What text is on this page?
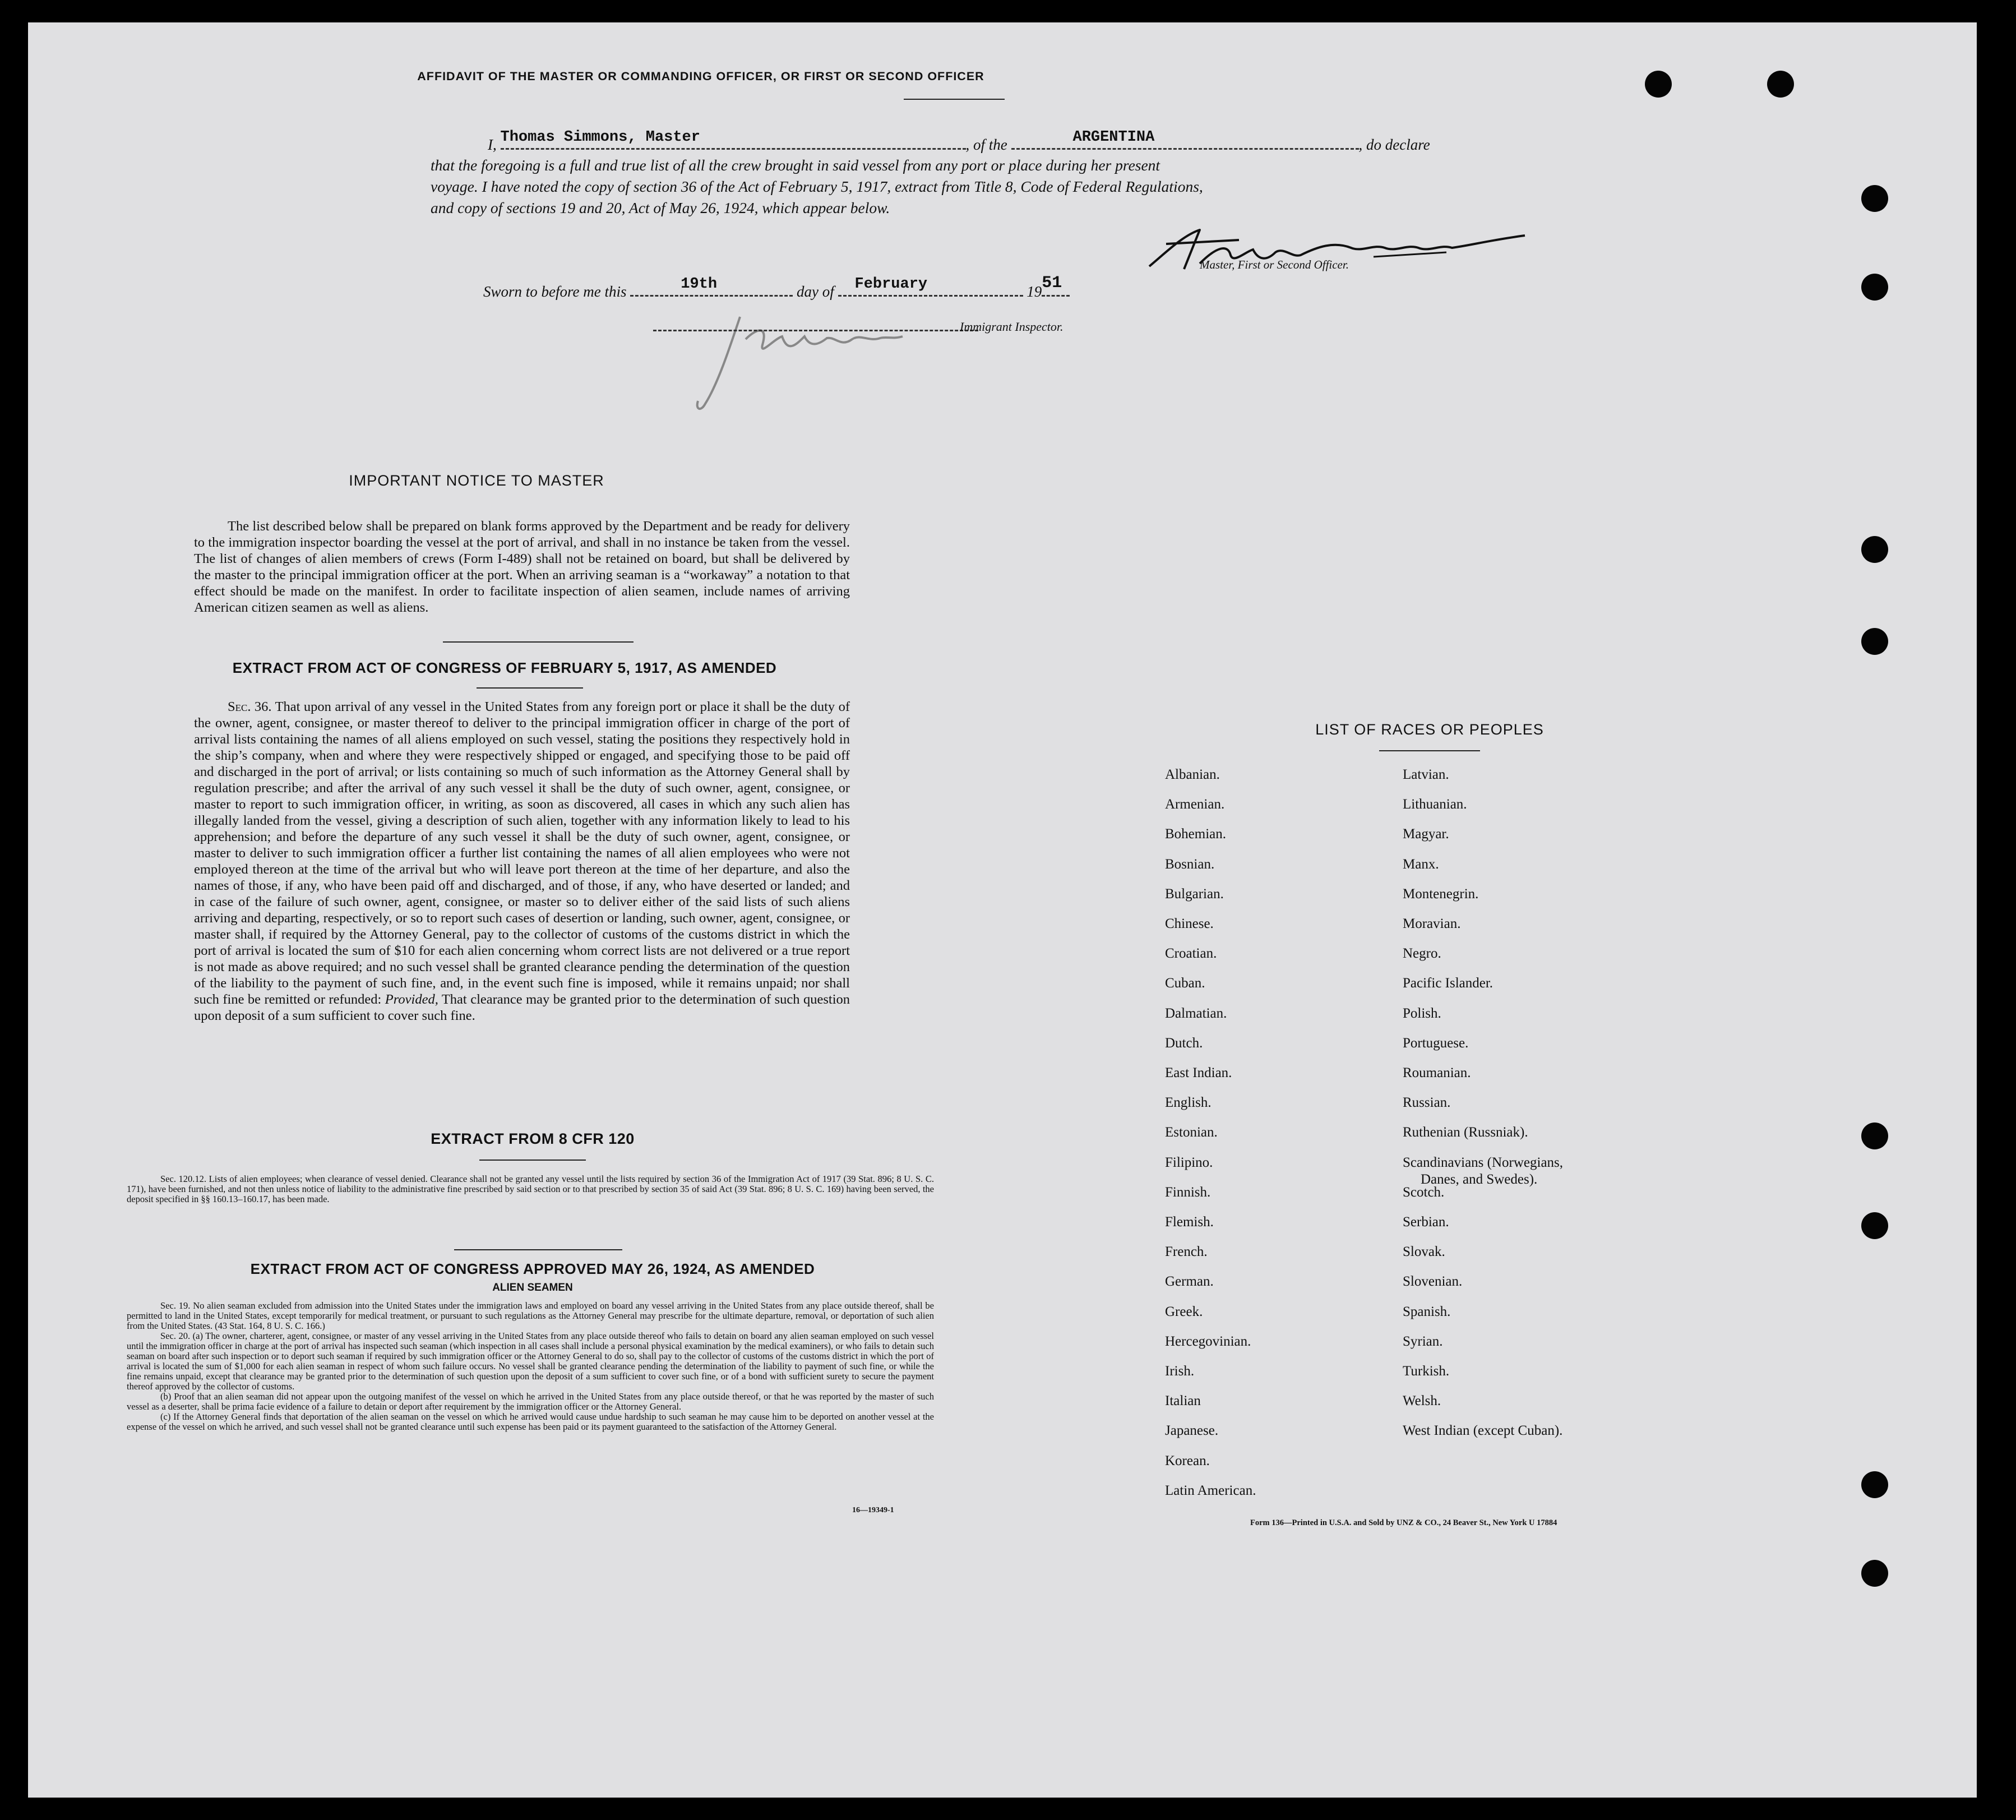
AFFIDAVIT OF THE MASTER OR COMMANDING OFFICER, OR FIRST OR SECOND OFFICER
I, Thomas Simmons, Master	, of the	ARGENTINA	, do declare
that the foregoing is a full and true list of all the crew brought in said vessel from any port or place during her present
voyage. I have noted the copy of section 36 of the Act of February 5, 1917, extract from Title 8, Code of Federal Regulations,
and copy of sections 19 and 20, Act of May 26, 1924, which appear below.
Master, First or Second Officer.
Sworn to before me this	19th	day of February	19 51
Immigrant Inspector.
IMPORTANT NOTICE TO MASTER

The list described below shall be prepared on blank forms approved by the Department and be ready for delivery to the immigration inspector boarding the vessel at the port of arrival, and shall in no instance be taken from the vessel. The list of changes of alien members of crews (Form I-489) shall not be retained on board, but shall be delivered by the master to the principal immigration officer at the port. When an arriving seaman is a “workaway” a notation to that effect should be made on the manifest. In order to facilitate inspection of alien seamen, include names of arriving American citizen seamen as well as aliens.

EXTRACT FROM ACT OF CONGRESS OF FEBRUARY 5, 1917, AS AMENDED

Sec. 36. That upon arrival of any vessel in the United States from any foreign port or place it shall be the duty of the owner, agent, consignee, or master thereof to deliver to the principal immigration officer in charge of the port of arrival lists containing the names of all aliens employed on such vessel, stating the positions they respectively hold in the ship’s company, when and where they were respectively shipped or engaged, and specifying those to be paid off and discharged in the port of arrival; or lists containing so much of such information as the Attorney General shall by regulation prescribe; and after the arrival of any such vessel it shall be the duty of such owner, agent, consignee, or master to report to such immigration officer, in writing, as soon as discovered, all cases in which any such alien has illegally landed from the vessel, giving a description of such alien, together with any information likely to lead to his apprehension; and before the departure of any such vessel it shall be the duty of such owner, agent, consignee, or master to deliver to such immigration officer a further list containing the names of all alien employees who were not employed thereon at the time of the arrival but who will leave port thereon at the time of her departure, and also the names of those, if any, who have been paid off and discharged, and of those, if any, who have deserted or landed; and in case of the failure of such owner, agent, consignee, or master so to deliver either of the said lists of such aliens arriving and departing, respectively, or so to report such cases of desertion or landing, such owner, agent, consignee, or master shall, if required by the Attorney General, pay to the collector of customs of the customs district in which the port of arrival is located the sum of $10 for each alien concerning whom correct lists are not delivered or a true report is not made as above required; and no such vessel shall be granted clearance pending the determination of the question of the liability to the payment of such fine, and, in the event such fine is imposed, while it remains unpaid; nor shall such fine be remitted or refunded: Provided, That clearance may be granted prior to the determination of such question upon deposit of a sum sufficient to cover such fine.

EXTRACT FROM 8 CFR 120

Sec. 120.12. Lists of alien employees; when clearance of vessel denied. Clearance shall not be granted any vessel until the lists required by section 36 of the Immigration Act of 1917 (39 Stat. 896; 8 U. S. C. 171), have been furnished, and not then unless notice of liability to the administrative fine prescribed by said section or to that prescribed by section 35 of said Act (39 Stat. 896; 8 U. S. C. 169) having been served, the deposit specified in §§ 160.13–160.17, has been made.

EXTRACT FROM ACT OF CONGRESS APPROVED MAY 26, 1924, AS AMENDED
ALIEN SEAMEN

Sec. 19. No alien seaman excluded from admission into the United States under the immigration laws and employed on board any vessel arriving in the United States from any place outside thereof, shall be permitted to land in the United States, except temporarily for medical treatment, or pursuant to such regulations as the Attorney General may prescribe for the ultimate departure, removal, or deportation of such alien from the United States. (43 Stat. 164, 8 U. S. C. 166.)

Sec. 20. (a) The owner, charterer, agent, consignee, or master of any vessel arriving in the United States from any place outside thereof who fails to detain on board any alien seaman employed on such vessel until the immigration officer in charge at the port of arrival has inspected such seaman (which inspection in all cases shall include a personal physical examination by the medical examiners), or who fails to detain such seaman on board after such inspection or to deport such seaman if required by such immigration officer or the Attorney General to do so, shall pay to the collector of customs of the customs district in which the port of arrival is located the sum of $1,000 for each alien seaman in respect of whom such failure occurs. No vessel shall be granted clearance pending the determination of the liability to payment of such fine, or while the fine remains unpaid, except that clearance may be granted prior to the determination of such question upon the deposit of a sum sufficient to cover such fine, or of a bond with sufficient surety to secure the payment thereof approved by the collector of customs.

(b) Proof that an alien seaman did not appear upon the outgoing manifest of the vessel on which he arrived in the United States from any place outside thereof, or that he was reported by the master of such vessel as a deserter, shall be prima facie evidence of a failure to detain or deport after requirement by the immigration officer or the Attorney General.

(c) If the Attorney General finds that deportation of the alien seaman on the vessel on which he arrived would cause undue hardship to such seaman he may cause him to be deported on another vessel at the expense of the vessel on which he arrived, and such vessel shall not be granted clearance until such expense has been paid or its payment guaranteed to the satisfaction of the Attorney General.

16—19349-1
LIST OF RACES OR PEOPLES
Form 136—Printed in U.S.A. and Sold by UNZ & CO., 24 Beaver St., New York U 17884
Albanian.
Armenian.
Bohemian.
Bosnian.
Bulgarian.
Chinese.
Croatian.
Cuban.
Dalmatian.
Dutch.
East Indian.
English.
Estonian.
Filipino.
Finnish.
Flemish.
French.
German.
Greek.
Hercegovinian.
Irish.
Italian
Japanese.
Korean.
Latin American.
Latvian.
Lithuanian.
Magyar.
Manx.
Montenegrin.
Moravian.
Negro.
Pacific Islander.
Polish.
Portuguese.
Roumanian.
Russian.
Ruthenian (Russniak).
Scandinavians (Norwegians,
Danes, and Swedes).
Scotch.
Serbian.
Slovak.
Slovenian.
Spanish.
Syrian.
Turkish.
Welsh.
West Indian (except Cuban).
